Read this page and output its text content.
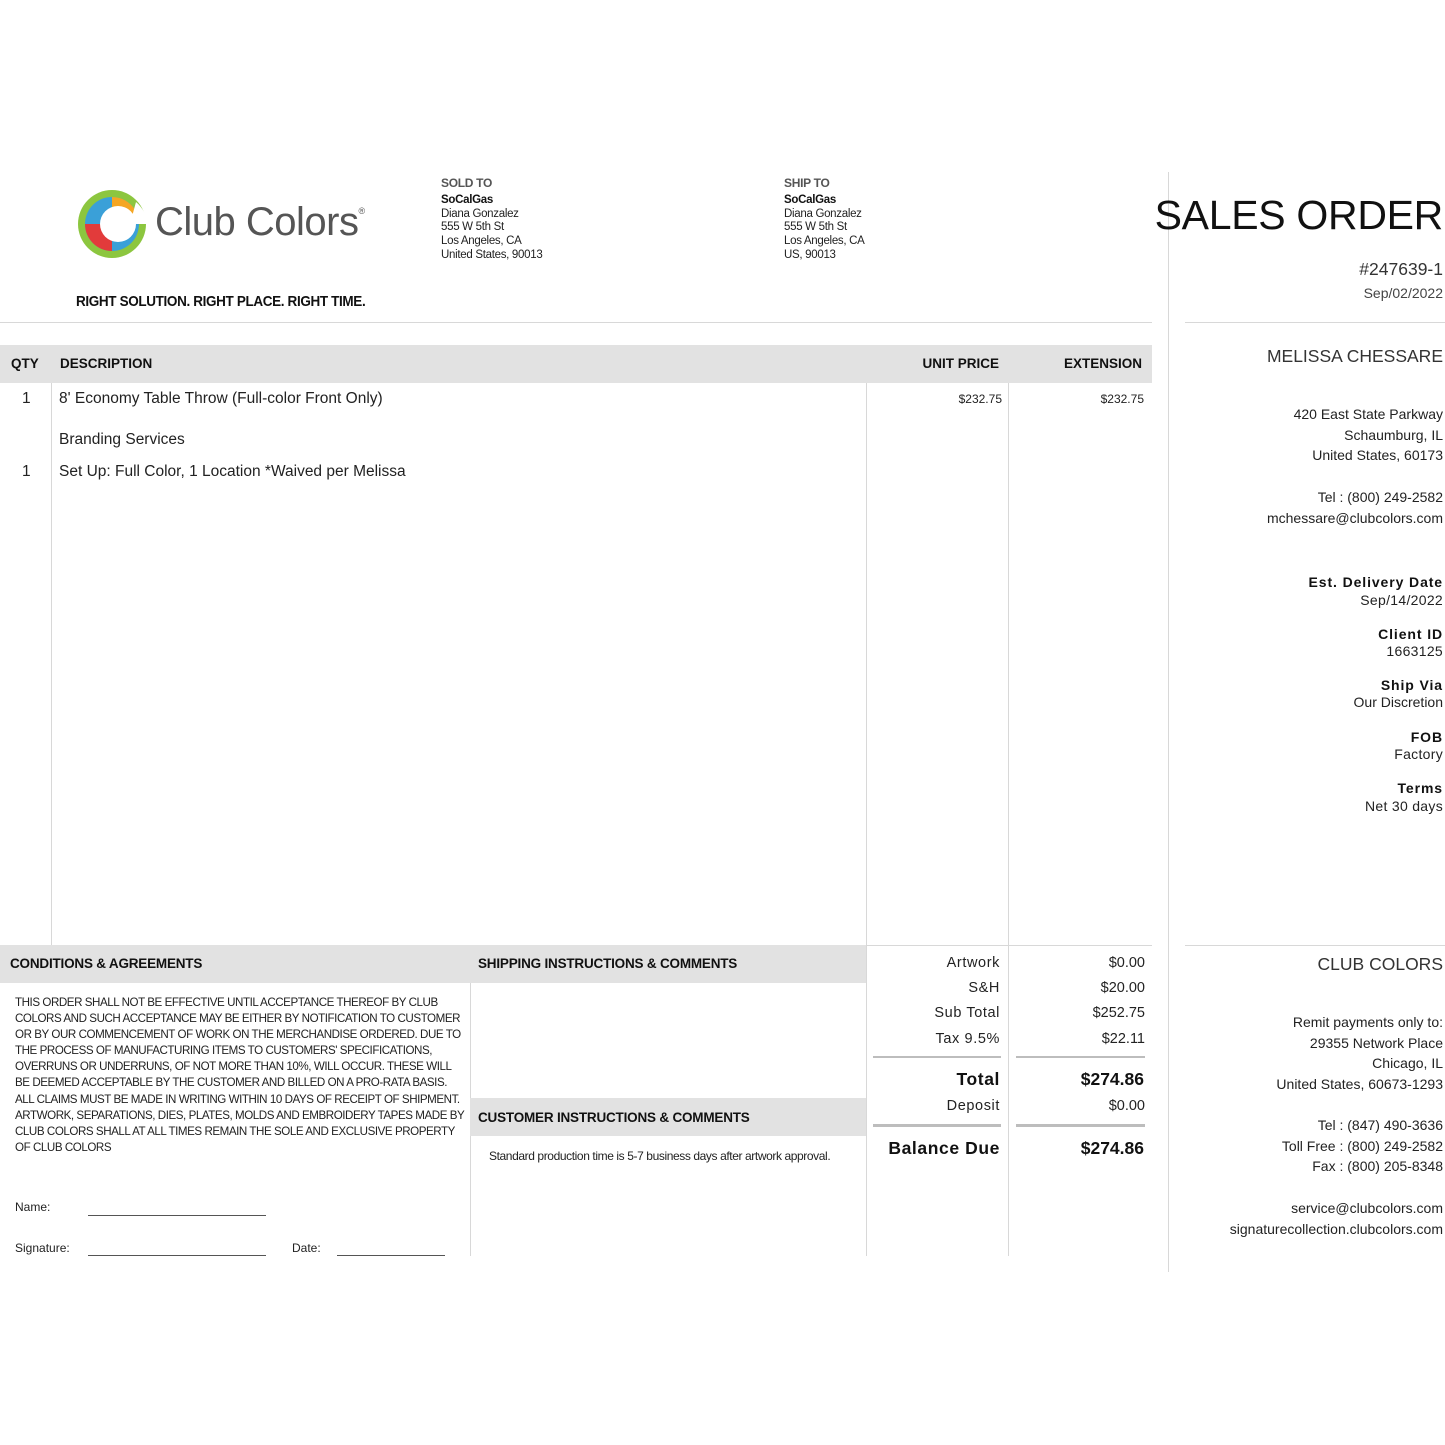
Club Colors®
RIGHT SOLUTION. RIGHT PLACE. RIGHT TIME.
SOLD TO
SoCalGas
Diana Gonzalez
555 W 5th St
Los Angeles, CA
United States, 90013
SHIP TO
SoCalGas
Diana Gonzalez
555 W 5th St
Los Angeles, CA
US, 90013
QTY DESCRIPTION	UNIT PRICE	EXTENSION
1 8' Economy Table Throw (Full-color Front Only)	$232.75	$232.75
Branding Services
1 Set Up: Full Color, 1 Location *Waived per Melissa
CONDITIONS & AGREEMENTS	SHIPPING INSTRUCTIONS & COMMENTS
THIS ORDER SHALL NOT BE EFFECTIVE UNTIL ACCEPTANCE THEREOF BY CLUB COLORS AND SUCH ACCEPTANCE MAY BE EITHER BY NOTIFICATION TO CUSTOMER OR BY OUR COMMENCEMENT OF WORK ON THE MERCHANDISE ORDERED. DUE TO THE PROCESS OF MANUFACTURING ITEMS TO CUSTOMERS' SPECIFICATIONS, OVERRUNS OR UNDERRUNS, OF NOT MORE THAN 10%, WILL OCCUR. THESE WILL BE DEEMED ACCEPTABLE BY THE CUSTOMER AND BILLED ON A PRO-RATA BASIS. ALL CLAIMS MUST BE MADE IN WRITING WITHIN 10 DAYS OF RECEIPT OF SHIPMENT. ARTWORK, SEPARATIONS, DIES, PLATES, MOLDS AND EMBROIDERY TAPES MADE BY CLUB COLORS SHALL AT ALL TIMES REMAIN THE SOLE AND EXCLUSIVE PROPERTY OF CLUB COLORS
Name:
Signature:	Date:
CUSTOMER INSTRUCTIONS & COMMENTS
Standard production time is 5-7 business days after artwork approval.
Artwork	$0.00
S&H	$20.00
Sub Total	$252.75
Tax 9.5%	$22.11
Total	$274.86
Deposit	$0.00
Balance Due	$274.86
SALES ORDER
#247639-1
Sep/02/2022
MELISSA CHESSARE
420 East State Parkway
Schaumburg, IL
United States, 60173
Tel : (800) 249-2582
mchessare@clubcolors.com
Est. Delivery Date
Sep/14/2022
Client ID
1663125
Ship Via
Our Discretion
FOB
Factory
Terms
Net 30 days
CLUB COLORS
Remit payments only to:
29355 Network Place
Chicago, IL
United States, 60673-1293
Tel : (847) 490-3636
Toll Free : (800) 249-2582
Fax : (800) 205-8348
service@clubcolors.com
signaturecollection.clubcolors.com
